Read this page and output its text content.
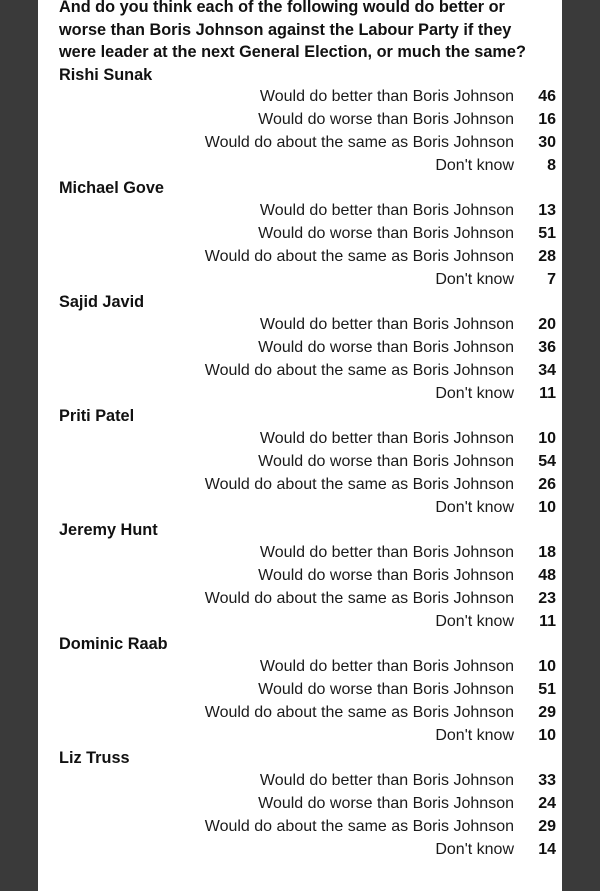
And do you think each of the following would do better or worse than Boris Johnson against the Labour Party if they were leader at the next General Election, or much the same?

Rishi Sunak
Would do better than Boris Johnson	46
Would do worse than Boris Johnson	16
Would do about the same as Boris Johnson	30
Don't know	8
Michael Gove
Would do better than Boris Johnson	13
Would do worse than Boris Johnson	51
Would do about the same as Boris Johnson	28
Don't know	7
Sajid Javid
Would do better than Boris Johnson	20
Would do worse than Boris Johnson	36
Would do about the same as Boris Johnson	34
Don't know	11
Priti Patel
Would do better than Boris Johnson	10
Would do worse than Boris Johnson	54
Would do about the same as Boris Johnson	26
Don't know	10
Jeremy Hunt
Would do better than Boris Johnson	18
Would do worse than Boris Johnson	48
Would do about the same as Boris Johnson	23
Don't know	11
Dominic Raab
Would do better than Boris Johnson	10
Would do worse than Boris Johnson	51
Would do about the same as Boris Johnson	29
Don't know	10
Liz Truss
Would do better than Boris Johnson	33
Would do worse than Boris Johnson	24
Would do about the same as Boris Johnson	29
Don't know	14
